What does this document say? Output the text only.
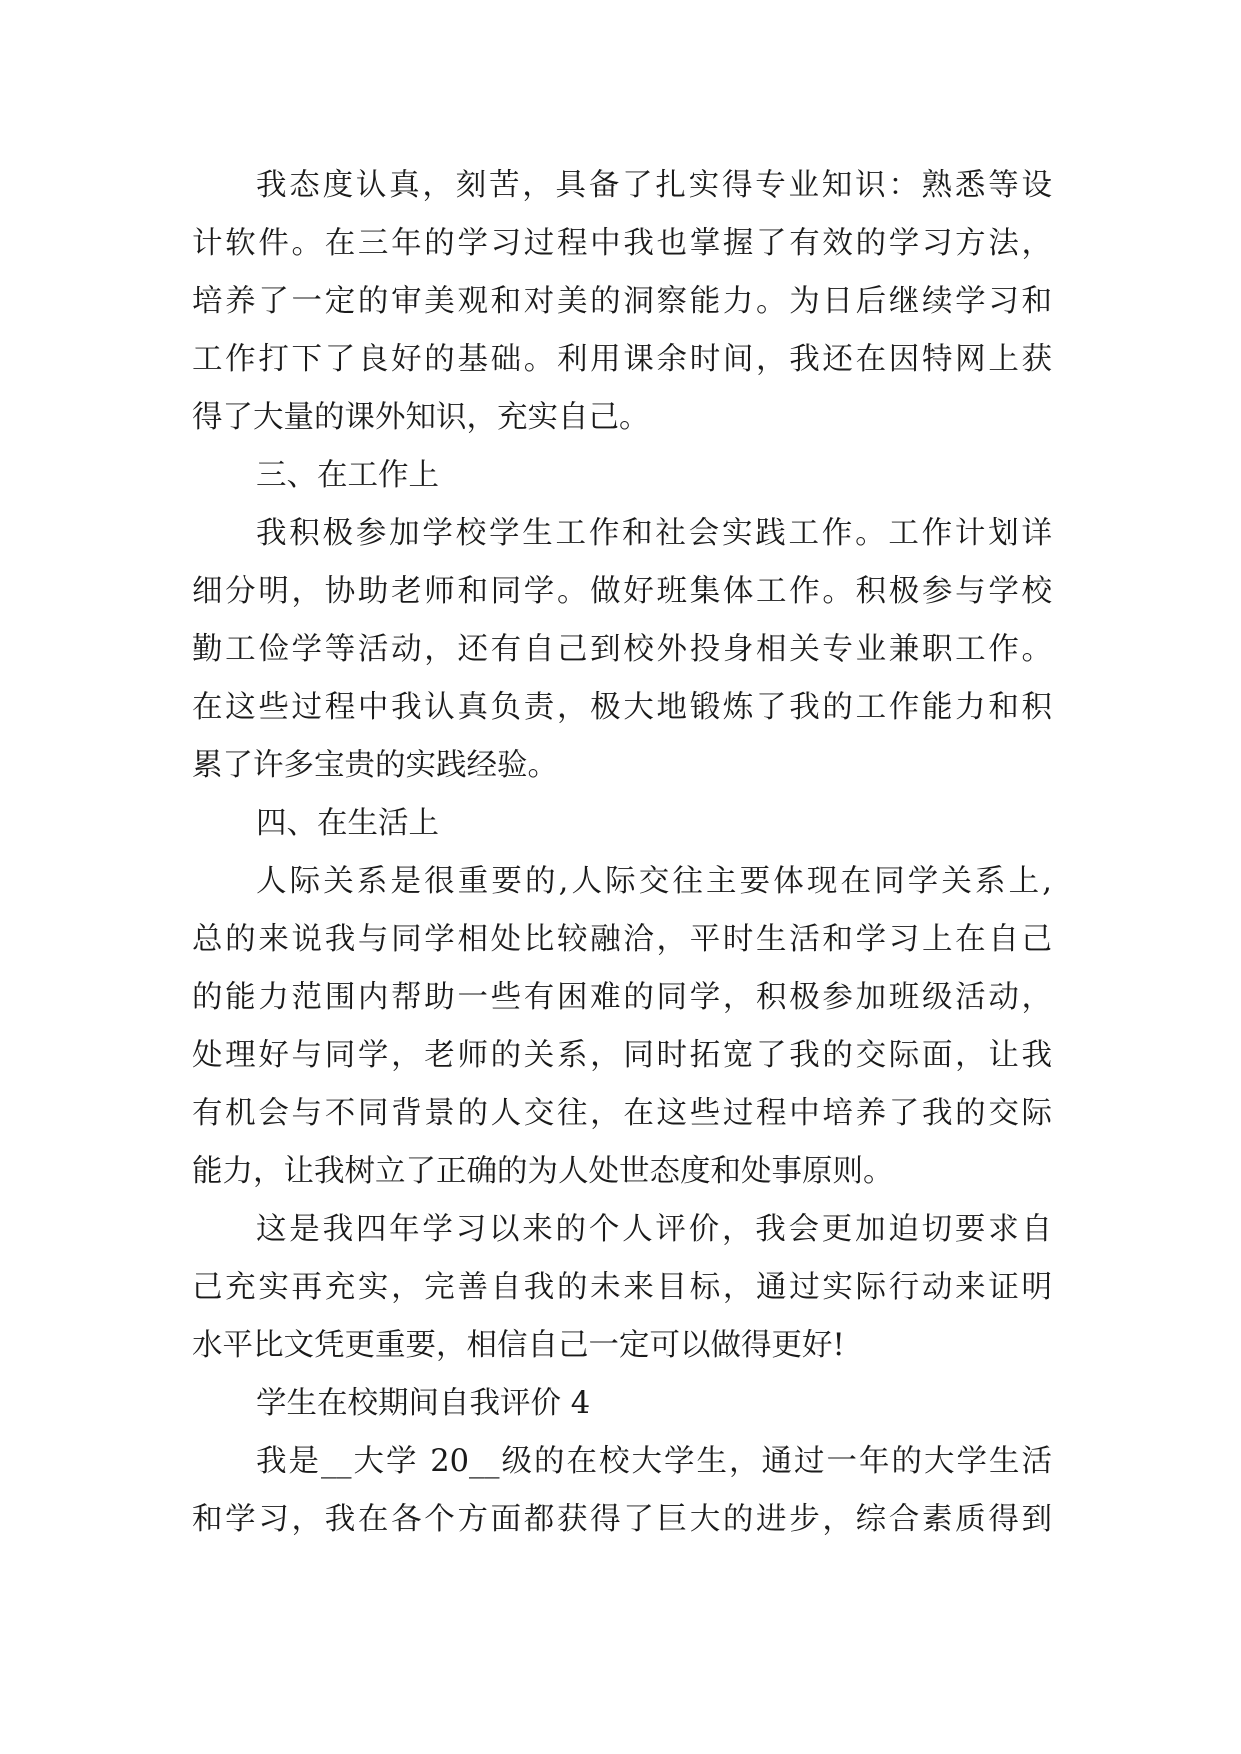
我态度认真，刻苦，具备了扎实得专业知识：熟悉等设
计软件。在三年的学习过程中我也掌握了有效的学习方法，
培养了一定的审美观和对美的洞察能力。为日后继续学习和
工作打下了良好的基础。利用课余时间，我还在因特网上获
得了大量的课外知识，充实自己。
三、在工作上
我积极参加学校学生工作和社会实践工作。工作计划详
细分明，协助老师和同学。做好班集体工作。积极参与学校
勤工俭学等活动，还有自己到校外投身相关专业兼职工作。
在这些过程中我认真负责，极大地锻炼了我的工作能力和积
累了许多宝贵的实践经验。
四、在生活上
人际关系是很重要的,人际交往主要体现在同学关系上,
总的来说我与同学相处比较融洽，平时生活和学习上在自己
的能力范围内帮助一些有困难的同学，积极参加班级活动，
处理好与同学，老师的关系，同时拓宽了我的交际面，让我
有机会与不同背景的人交往，在这些过程中培养了我的交际
能力，让我树立了正确的为人处世态度和处事原则。
这是我四年学习以来的个人评价，我会更加迫切要求自
己充实再充实，完善自我的未来目标，通过实际行动来证明
水平比文凭更重要，相信自己一定可以做得更好!
学生在校期间自我评价 4
我是__大学 20__级的在校大学生，通过一年的大学生活
和学习，我在各个方面都获得了巨大的进步，综合素质得到
